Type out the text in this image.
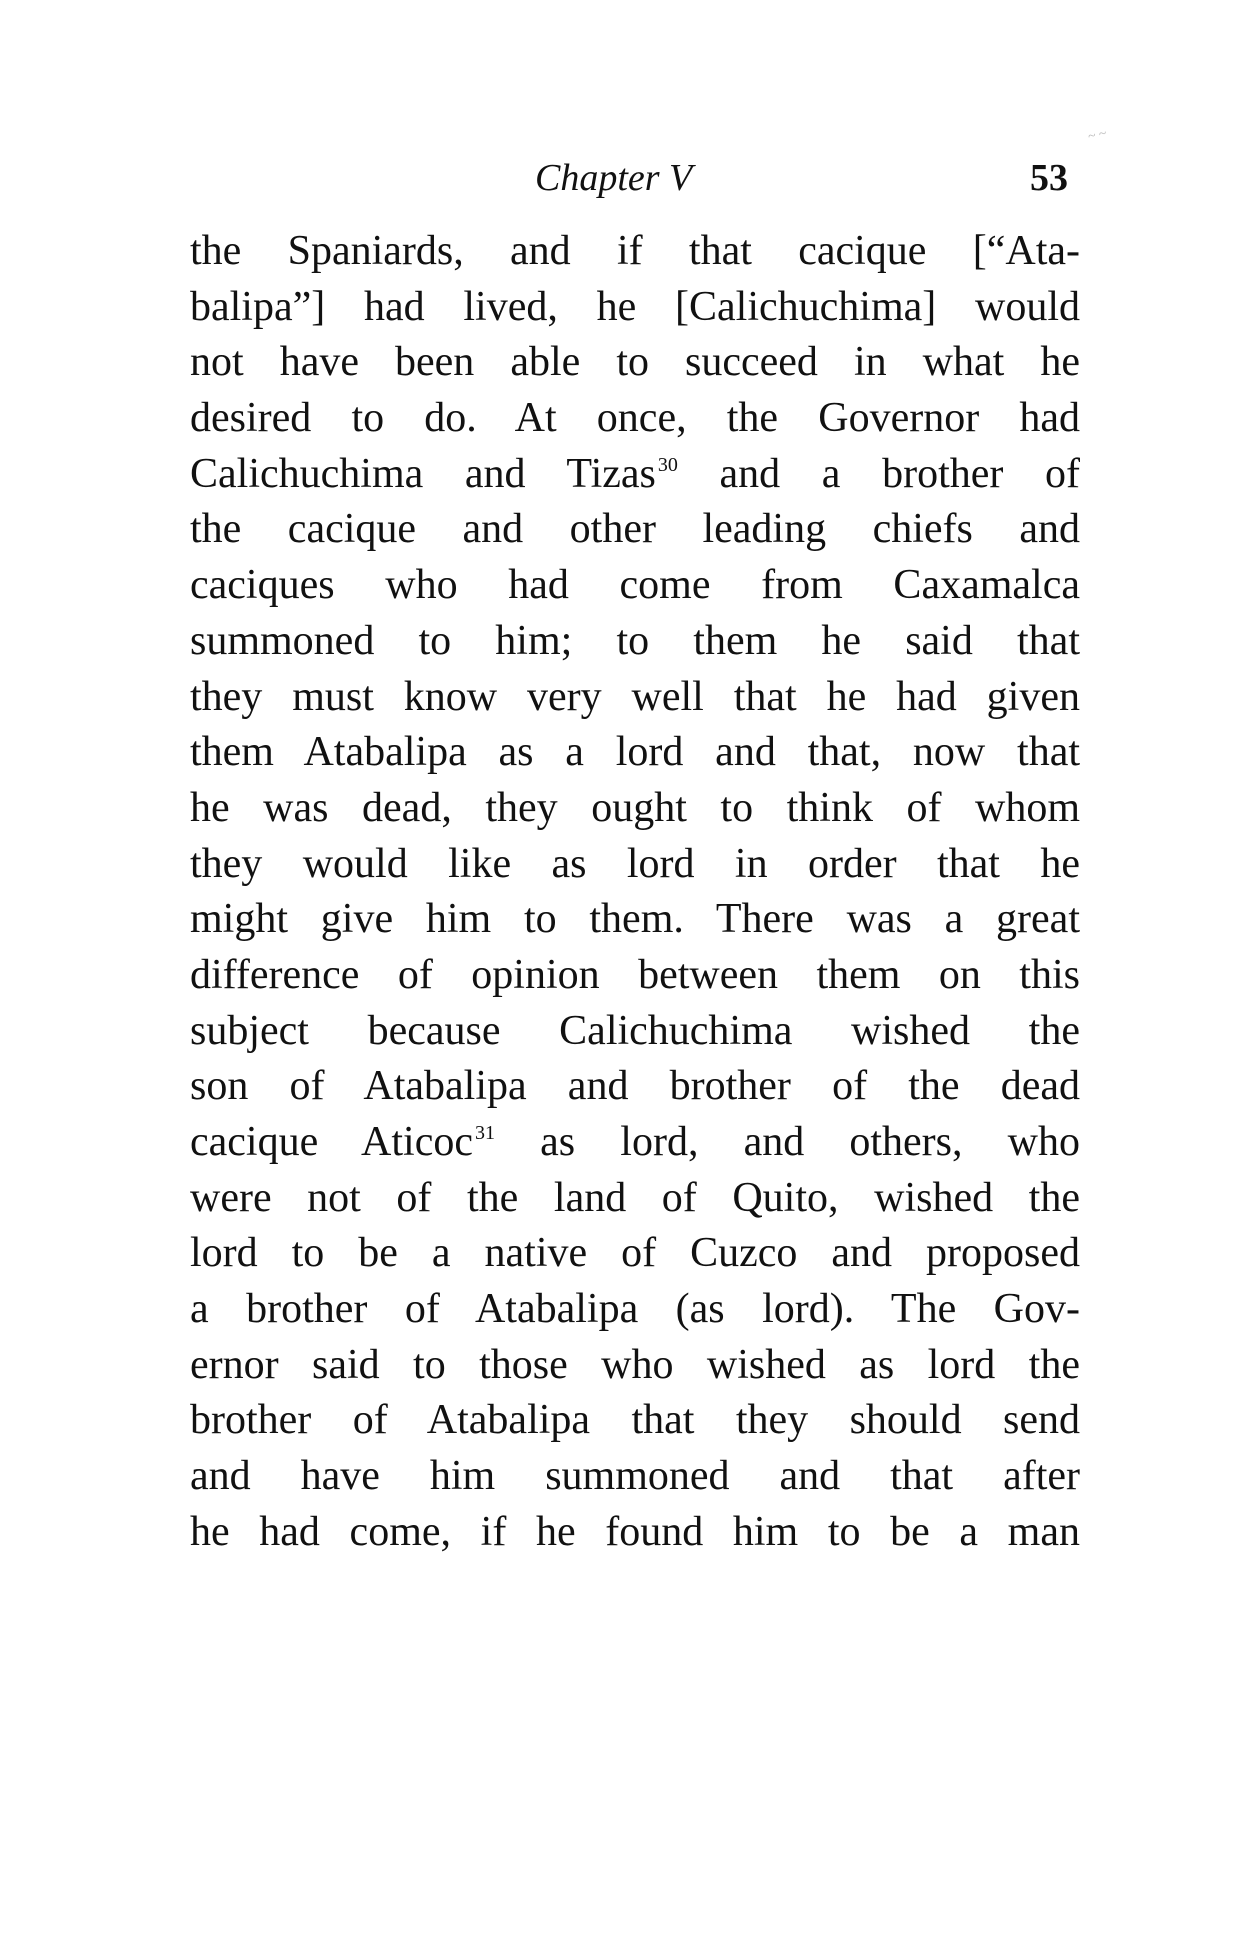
~ ~
Chapter V	53
the Spaniards, and if that cacique [“Ata-
balipa”] had lived, he [Calichuchima] would
not have been able to succeed in what he
desired to do. At once, the Governor had
Calichuchima and Tizas $^{30}$ and a brother of
the cacique and other leading chiefs and
caciques who had come from Caxamalca
summoned to him; to them he said that
they must know very well that he had given
them Atabalipa as a lord and that, now that
he was dead, they ought to think of whom
they would like as lord in order that he
might give him to them. There was a great
difference of opinion between them on this
subject because Calichuchima wished the
son of Atabalipa and brother of the dead
cacique Aticoc $^{31}$ as lord, and others, who
were not of the land of Quito, wished the
lord to be a native of Cuzco and proposed
a brother of Atabalipa (as lord). The Gov-
ernor said to those who wished as lord the
brother of Atabalipa that they should send
and have him summoned and that after
he had come, if he found him to be a man
